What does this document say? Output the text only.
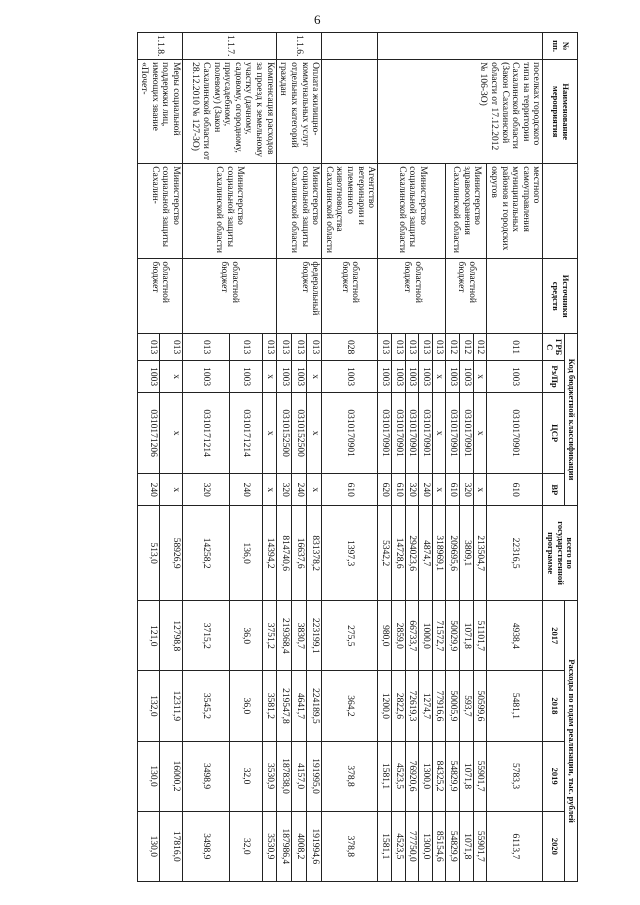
6
№ пп.	Наименование мероприятия		Источники средств	Код бюджетной классификации				всего по государственной программе	Расходы по годам реализации, тыс. рублей			
				ГРБ С	Рз/Пр	ЦСР	ВР		2017	2018	2019	2020
	поселках городского типа на территории Сахалинской области (Закон Сахалинской области от 17.12.2012 № 106-ЗО)	местного самоуправления муниципальных районов и городских округов		011	1003	0310170901	610	22316,5	4938,4	5481,1	5783,3	6113,7
		Министерство здравоохранения Сахалинской области	областной бюджет	012	х	х	х	213504,7	51101,7	50599,6	55901,7	55901,7
				012	1003	0310170901	320	3809,1	1071,8	593,7	1071,8	1071,8
				012	1003	0310170901	610	209695,6	50029,9	50005,9	54829,9	54829,9
		Министерство социальной защиты Сахалинской области	областной бюджет	013	х	х	х	318969,1	71572,7	77916,6	84325,2	85154,6
				013	1003	0310170901	240	4874,7	1000,0	1274,7	1300,0	1300,0
				013	1003	0310170901	320	294023,6	66733,7	72619,3	76920,6	77750,0
				013	1003	0310170901	610	14728,6	2859,0	2822,6	4523,5	4523,5
				013	1003	0310170901	620	5342,2	980,0	1200,0	1581,1	1581,1
		Агентство ветеринарии и племенного животноводства Сахалинской области	областной бюджет	028	1003	0310170901	610	1397,3	275,5	364,2	378,8	378,8
1.1.6.	Оплата жилищно-коммунальных услуг отдельных категорий граждан	Министерство социальной защиты Сахалинской области	федеральный бюджет	013	х	х	х	831378,2	223199,1	224189,5	191995,0	191994,6
				013	1003	0310152500	240	16637,6	3830,7	4641,7	4157,0	4008,2
				013	1003	0310152500	320	814740,6	219368,4	219547,8	187838,0	187986,4
1.1.7.	Компенсация расходов за проезд к земельному участку (дачному, садовому, огородному, приусадебному, полевому) (Закон Сахалинской области от 28.12.2010 № 127-ЗО)	Министерство социальной защиты Сахалинской области	областной бюджет	013	х	х	х	14394,2	3751,2	3581,2	3530,9	3530,9
				013	1003	0310171214	240	136,0	36,0	36,0	32,0	32,0
				013	1003	0310171214	320	14258,2	3715,2	3545,2	3498,9	3498,9
1.1.8.	Меры социальной поддержки лиц, имеющих звание «Почет-	Министерство социальной защиты Сахалин-	областной бюджет	013	х	х	х	58926,9	12798,8	12311,9	16000,2	17816,0
				013	1003	0310171206	240	513,0	121,0	132,0	130,0	130,0
